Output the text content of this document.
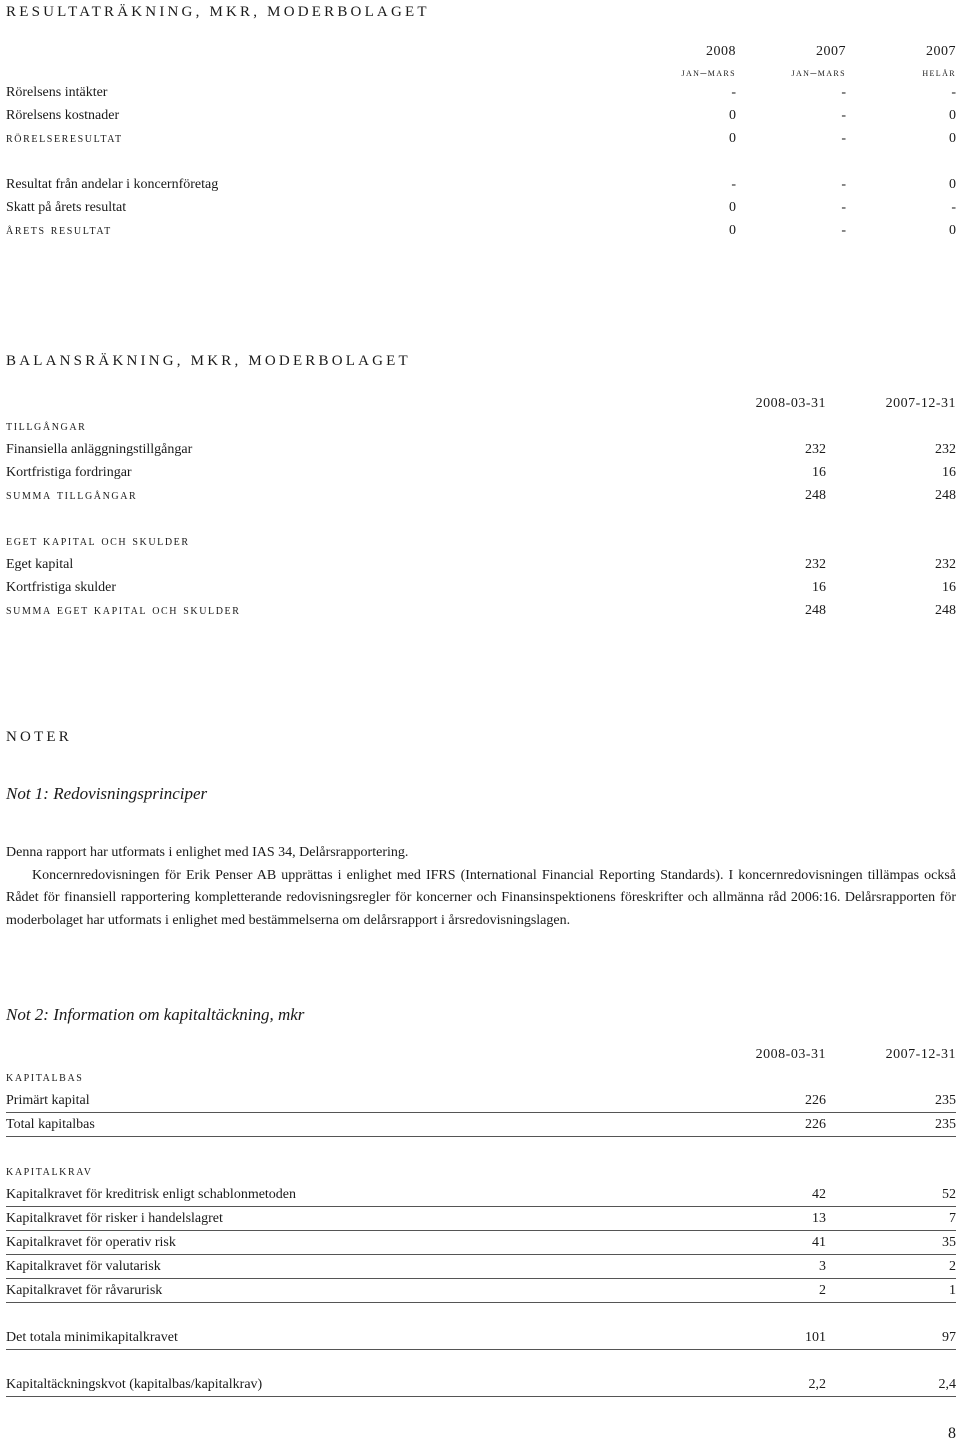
RESULTATRÄKNING, MKR, MODERBOLAGET
	2008	2007	2007
	jan–mars	jan–mars	helår
Rörelsens intäkter	-	-	-
Rörelsens kostnader	0	-	0
rörelseresultat	0	-	0

Resultat från andelar i koncernföretag	-	-	0
Skatt på årets resultat	0	-	-
årets resultat	0	-	0
BALANSRÄKNING, MKR, MODERBOLAGET
	2008-03-31	2007-12-31
tillgångar		
Finansiella anläggningstillgångar	232	232
Kortfristiga fordringar	16	16
summa tillgångar	248	248

eget kapital och skulder		
Eget kapital	232	232
Kortfristiga skulder	16	16
summa eget kapital och skulder	248	248
NOTER
Not 1: Redovisningsprinciper

Denna rapport har utformats i enlighet med IAS 34, Delårsrapportering.

Koncernredovisningen för Erik Penser AB upprättas i enlighet med IFRS (International Financial Reporting Standards). I koncernredovisningen tillämpas också Rådet för finansiell rapportering kompletterande redovisningsregler för koncerner och Finansinspektionens föreskrifter och allmänna råd 2006:16. Delårsrapporten för moderbolaget har utformats i enlighet med bestämmelserna om delårsrapport i årsredovisningslagen.

Not 2: Information om kapitaltäckning, mkr
	2008-03-31	2007-12-31
kapitalbas		
Primärt kapital	226	235
Total kapitalbas	226	235

kapitalkrav		
Kapitalkravet för kreditrisk enligt schablonmetoden	42	52
Kapitalkravet för risker i handelslagret	13	7
Kapitalkravet för operativ risk	41	35
Kapitalkravet för valutarisk	3	2
Kapitalkravet för råvarurisk	2	1

Det totala minimikapitalkravet	101	97

Kapitaltäckningskvot (kapitalbas/kapitalkrav)	2,2	2,4
8
